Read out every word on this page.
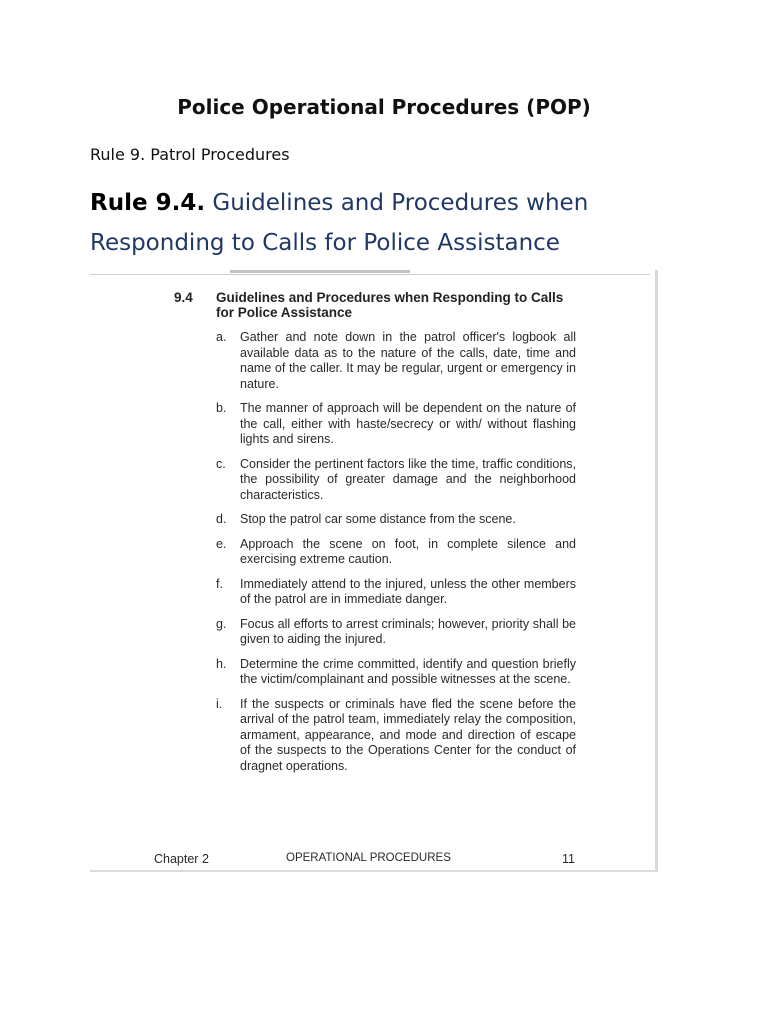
Police Operational Procedures (POP)
Rule 9. Patrol Procedures
Rule 9.4. Guidelines and Procedures when Responding to Calls for Police Assistance
9.4 Guidelines and Procedures when Responding to Calls for Police Assistance
a.	Gather and note down in the patrol officer's logbook all available data as to the nature of the calls, date, time and name of the caller. It may be regular, urgent or emergency in nature.
b.	The manner of approach will be dependent on the nature of the call, either with haste/secrecy or with/ without flashing lights and sirens.
c.	Consider the pertinent factors like the time, traffic conditions, the possibility of greater damage and the neighborhood characteristics.
d.	Stop the patrol car some distance from the scene.
e.	Approach the scene on foot, in complete silence and exercising extreme caution.
f.	Immediately attend to the injured, unless the other members of the patrol are in immediate danger.
g.	Focus all efforts to arrest criminals; however, priority shall be given to aiding the injured.
h.	Determine the crime committed, identify and question briefly the victim/complainant and possible witnesses at the scene.
i.	If the suspects or criminals have fled the scene before the arrival of the patrol team, immediately relay the composition, armament, appearance, and mode and direction of escape of the suspects to the Operations Center for the conduct of dragnet operations.
Chapter 2	OPERATIONAL PROCEDURES	11
